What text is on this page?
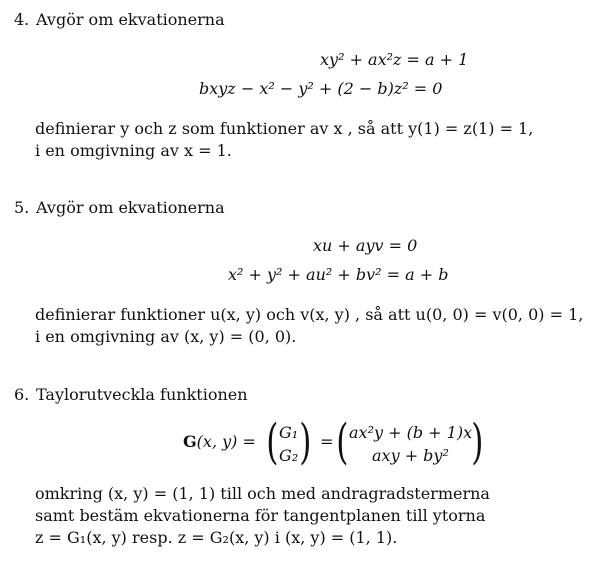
4. Avgör om ekvationerna
xy² + ax²z = a + 1
bxyz − x² − y² + (2 − b)z² = 0
definierar y och z som funktioner av x , så att y(1) = z(1) = 1,
i en omgivning av x = 1.
5. Avgör om ekvationerna
xu + ayv = 0
x² + y² + au² + bv² = a + b
definierar funktioner u(x, y) och v(x, y) , så att u(0, 0) = v(0, 0) = 1,
i en omgivning av (x, y) = (0, 0).
6. Taylorutveckla funktionen
G(x, y) = ( G₁
G₂ ) = ( ax²y + (b + 1)x
axy + by² )
omkring (x, y) = (1, 1) till och med andragradstermerna
samt bestäm ekvationerna för tangentplanen till ytorna
z = G₁(x, y) resp. z = G₂(x, y) i (x, y) = (1, 1).
